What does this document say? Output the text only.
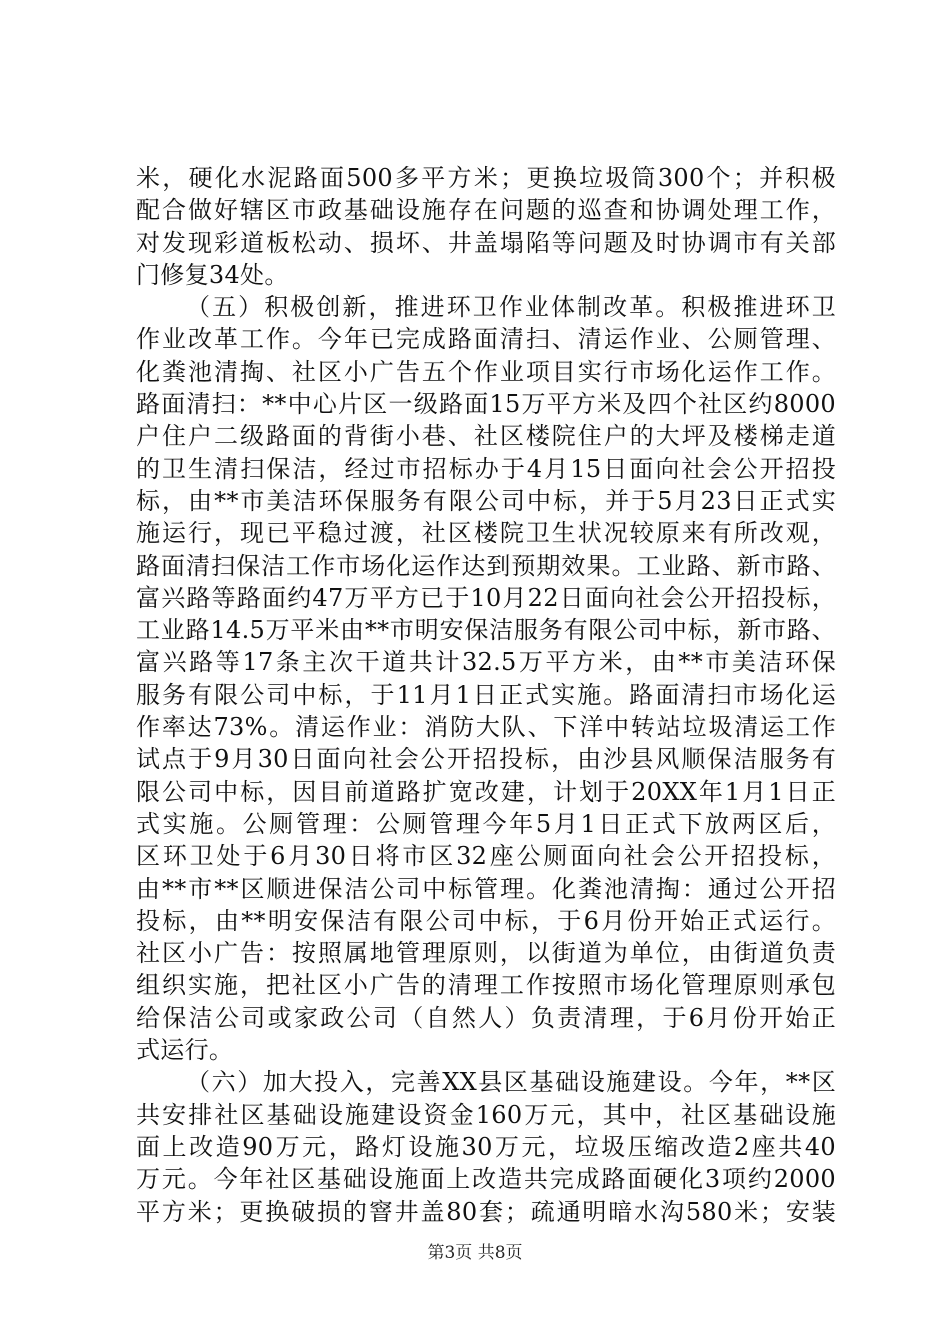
米，硬化水泥路面500多平方米；更换垃圾筒300个；并积极
配合做好辖区市政基础设施存在问题的巡查和协调处理工作，
对发现彩道板松动、损坏、井盖塌陷等问题及时协调市有关部
门修复34处。
（五）积极创新，推进环卫作业体制改革。积极推进环卫
作业改革工作。今年已完成路面清扫、清运作业、公厕管理、
化粪池清掏、社区小广告五个作业项目实行市场化运作工作。
路面清扫：**中心片区一级路面15万平方米及四个社区约8000
户住户二级路面的背街小巷、社区楼院住户的大坪及楼梯走道
的卫生清扫保洁，经过市招标办于4月15日面向社会公开招投
标，由**市美洁环保服务有限公司中标，并于5月23日正式实
施运行，现已平稳过渡，社区楼院卫生状况较原来有所改观，
路面清扫保洁工作市场化运作达到预期效果。工业路、新市路、
富兴路等路面约47万平方已于10月22日面向社会公开招投标，
工业路14.5万平米由**市明安保洁服务有限公司中标，新市路、
富兴路等17条主次干道共计32.5万平方米，由**市美洁环保
服务有限公司中标，于11月1日正式实施。路面清扫市场化运
作率达73%。清运作业：消防大队、下洋中转站垃圾清运工作
试点于9月30日面向社会公开招投标，由沙县风顺保洁服务有
限公司中标，因目前道路扩宽改建，计划于20XX年1月1日正
式实施。公厕管理：公厕管理今年5月1日正式下放两区后，
区环卫处于6月30日将市区32座公厕面向社会公开招投标，
由**市**区顺进保洁公司中标管理。化粪池清掏：通过公开招
投标，由**明安保洁有限公司中标，于6月份开始正式运行。
社区小广告：按照属地管理原则，以街道为单位，由街道负责
组织实施，把社区小广告的清理工作按照市场化管理原则承包
给保洁公司或家政公司（自然人）负责清理，于6月份开始正
式运行。
（六）加大投入，完善XX县区基础设施建设。今年，**区
共安排社区基础设施建设资金160万元，其中，社区基础设施
面上改造90万元，路灯设施30万元，垃圾压缩改造2座共40
万元。今年社区基础设施面上改造共完成路面硬化3项约2000
平方米；更换破损的窨井盖80套；疏通明暗水沟580米；安装
第3页 共8页
